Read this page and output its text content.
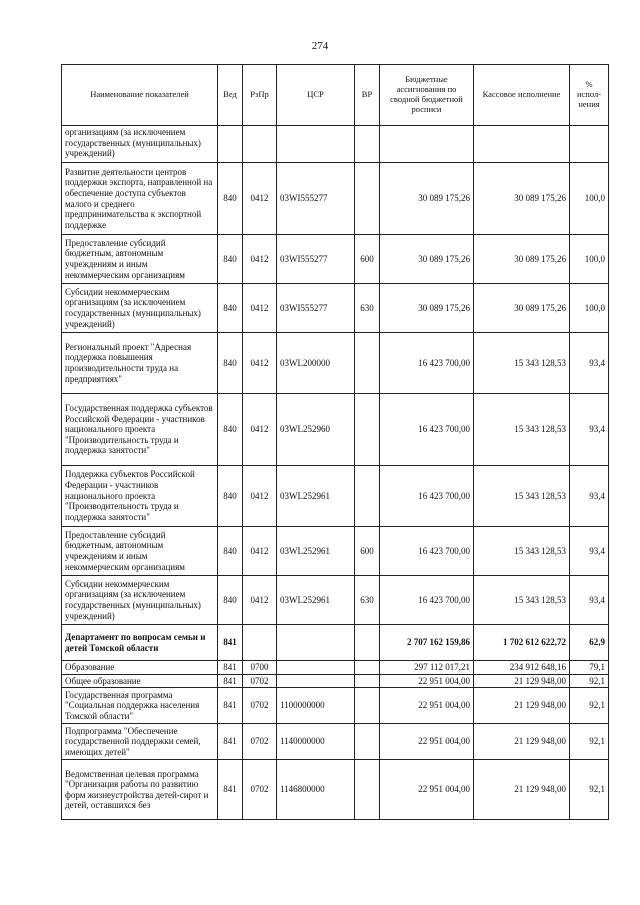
274
Наименование показателей	Вед	РзПр	ЦСР	ВР	Бюджетные ассигнования по сводной бюджетной росписи	Кассовое исполнение	% испол-нения
организациям (за исключением государственных (муниципальных) учреждений)							
Развитие деятельности центров поддержки экспорта, направленной на обеспечение доступа субъектов малого и среднего предпринимательства к экспортной поддержке	840	0412	03WI555277		30 089 175,26	30 089 175,26	100,0
Предоставление субсидий бюджетным, автономным учреждениям и иным некоммерческим организациям	840	0412	03WI555277	600	30 089 175,26	30 089 175,26	100,0
Субсидии некоммерческим организациям (за исключением государственных (муниципальных) учреждений)	840	0412	03WI555277	630	30 089 175,26	30 089 175,26	100,0
Региональный проект "Адресная поддержка повышения производительности труда на предприятиях"	840	0412	03WL200000		16 423 700,00	15 343 128,53	93,4
Государственная поддержка субъектов Российской Федерации - участников национального проекта "Производительность труда и поддержка занятости"	840	0412	03WL252960		16 423 700,00	15 343 128,53	93,4
Поддержка субъектов Российской Федерации - участников национального проекта "Производительность труда и поддержка занятости"	840	0412	03WL252961		16 423 700,00	15 343 128,53	93,4
Предоставление субсидий бюджетным, автономным учреждениям и иным некоммерческим организациям	840	0412	03WL252961	600	16 423 700,00	15 343 128,53	93,4
Субсидии некоммерческим организациям (за исключением государственных (муниципальных) учреждений)	840	0412	03WL252961	630	16 423 700,00	15 343 128,53	93,4
Департамент по вопросам семьи и детей Томской области	841				2 707 162 159,86	1 702 612 622,72	62,9
Образование	841	0700			297 112 017,21	234 912 648,16	79,1
Общее образование	841	0702			22 951 004,00	21 129 948,00	92,1
Государственная программа "Социальная поддержка населения Томской области"	841	0702	1100000000		22 951 004,00	21 129 948,00	92,1
Подпрограмма "Обеспечение государственной поддержки семей, имеющих детей"	841	0702	1140000000		22 951 004,00	21 129 948,00	92,1
Ведомственная целевая программа "Организация работы по развитию форм жизнеустройства детей-сирот и детей, оставшихся без	841	0702	1146800000		22 951 004,00	21 129 948,00	92,1
